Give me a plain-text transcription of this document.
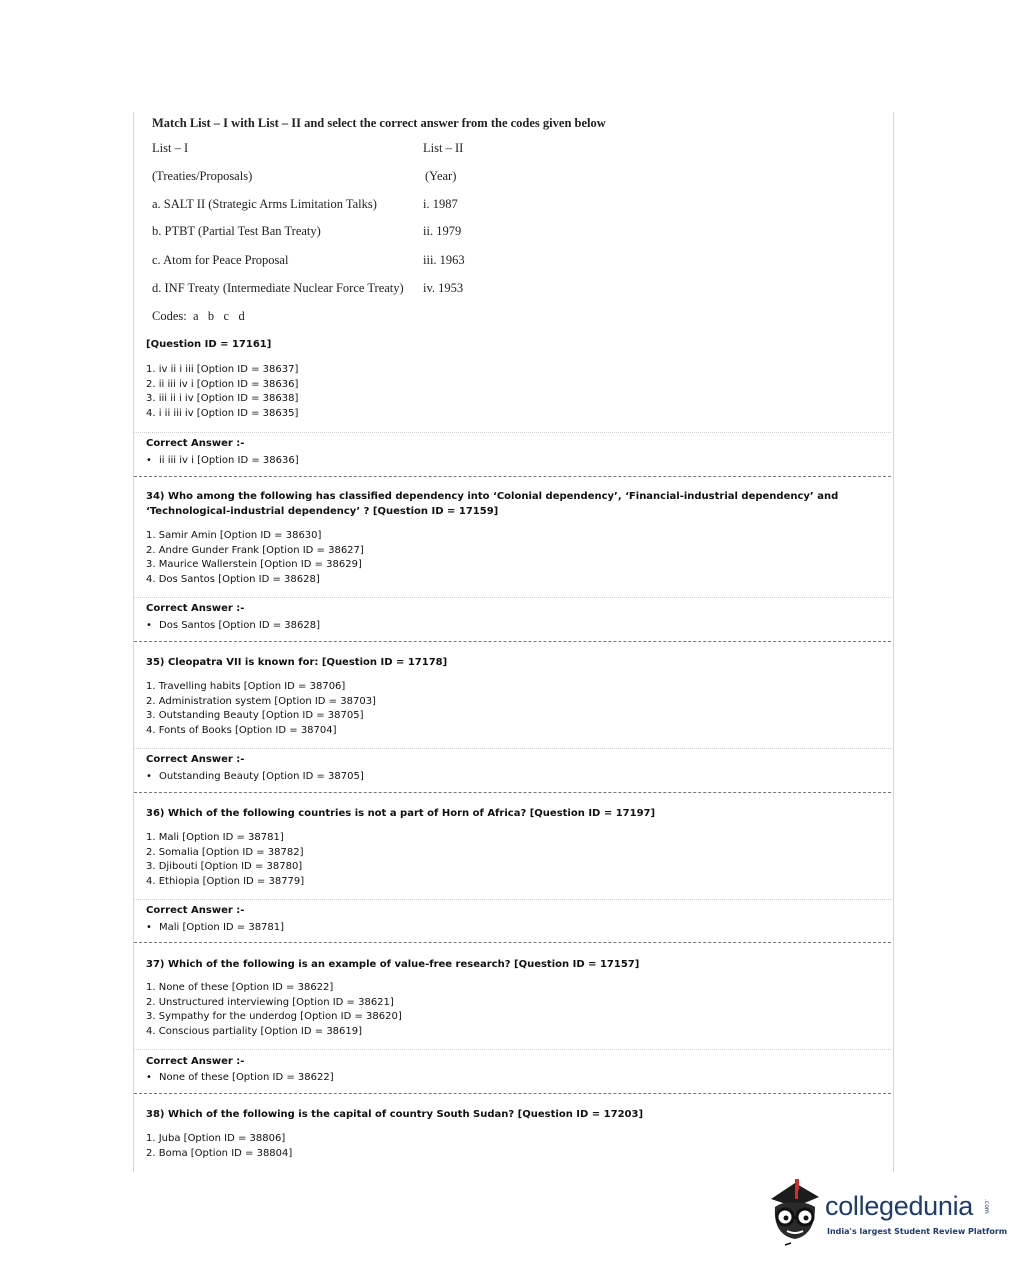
Match List – I with List – II and select the correct answer from the codes given below
List – I	List – II
(Treaties/Proposals)	(Year)
a. SALT II (Strategic Arms Limitation Talks)	i. 1987
b. PTBT (Partial Test Ban Treaty)	ii. 1979
c. Atom for Peace Proposal	iii. 1963
d. INF Treaty (Intermediate Nuclear Force Treaty) iv. 1953
Codes:  a   b   c   d
[Question ID = 17161]
1. iv ii i iii [Option ID = 38637]
2. ii iii iv i [Option ID = 38636]
3. iii ii i iv [Option ID = 38638]
4. i ii iii iv [Option ID = 38635]
Correct Answer :-
• ii iii iv i [Option ID = 38636]
34) Who among the following has classified dependency into ‘Colonial dependency’, ‘Financial-industrial dependency’ and ‘Technological-industrial dependency’ ? [Question ID = 17159]
1. Samir Amin [Option ID = 38630]
2. Andre Gunder Frank [Option ID = 38627]
3. Maurice Wallerstein [Option ID = 38629]
4. Dos Santos [Option ID = 38628]
Correct Answer :-
• Dos Santos [Option ID = 38628]
35) Cleopatra VII is known for: [Question ID = 17178]
1. Travelling habits [Option ID = 38706]
2. Administration system [Option ID = 38703]
3. Outstanding Beauty [Option ID = 38705]
4. Fonts of Books [Option ID = 38704]
Correct Answer :-
• Outstanding Beauty [Option ID = 38705]
36) Which of the following countries is not a part of Horn of Africa? [Question ID = 17197]
1. Mali [Option ID = 38781]
2. Somalia [Option ID = 38782]
3. Djibouti [Option ID = 38780]
4. Ethiopia [Option ID = 38779]
Correct Answer :-
• Mali [Option ID = 38781]
37) Which of the following is an example of value-free research? [Question ID = 17157]
1. None of these [Option ID = 38622]
2. Unstructured interviewing [Option ID = 38621]
3. Sympathy for the underdog [Option ID = 38620]
4. Conscious partiality [Option ID = 38619]
Correct Answer :-
• None of these [Option ID = 38622]
38) Which of the following is the capital of country South Sudan? [Question ID = 17203]
1. Juba [Option ID = 38806]
2. Boma [Option ID = 38804]
collegedunia .com
India's largest Student Review Platform
